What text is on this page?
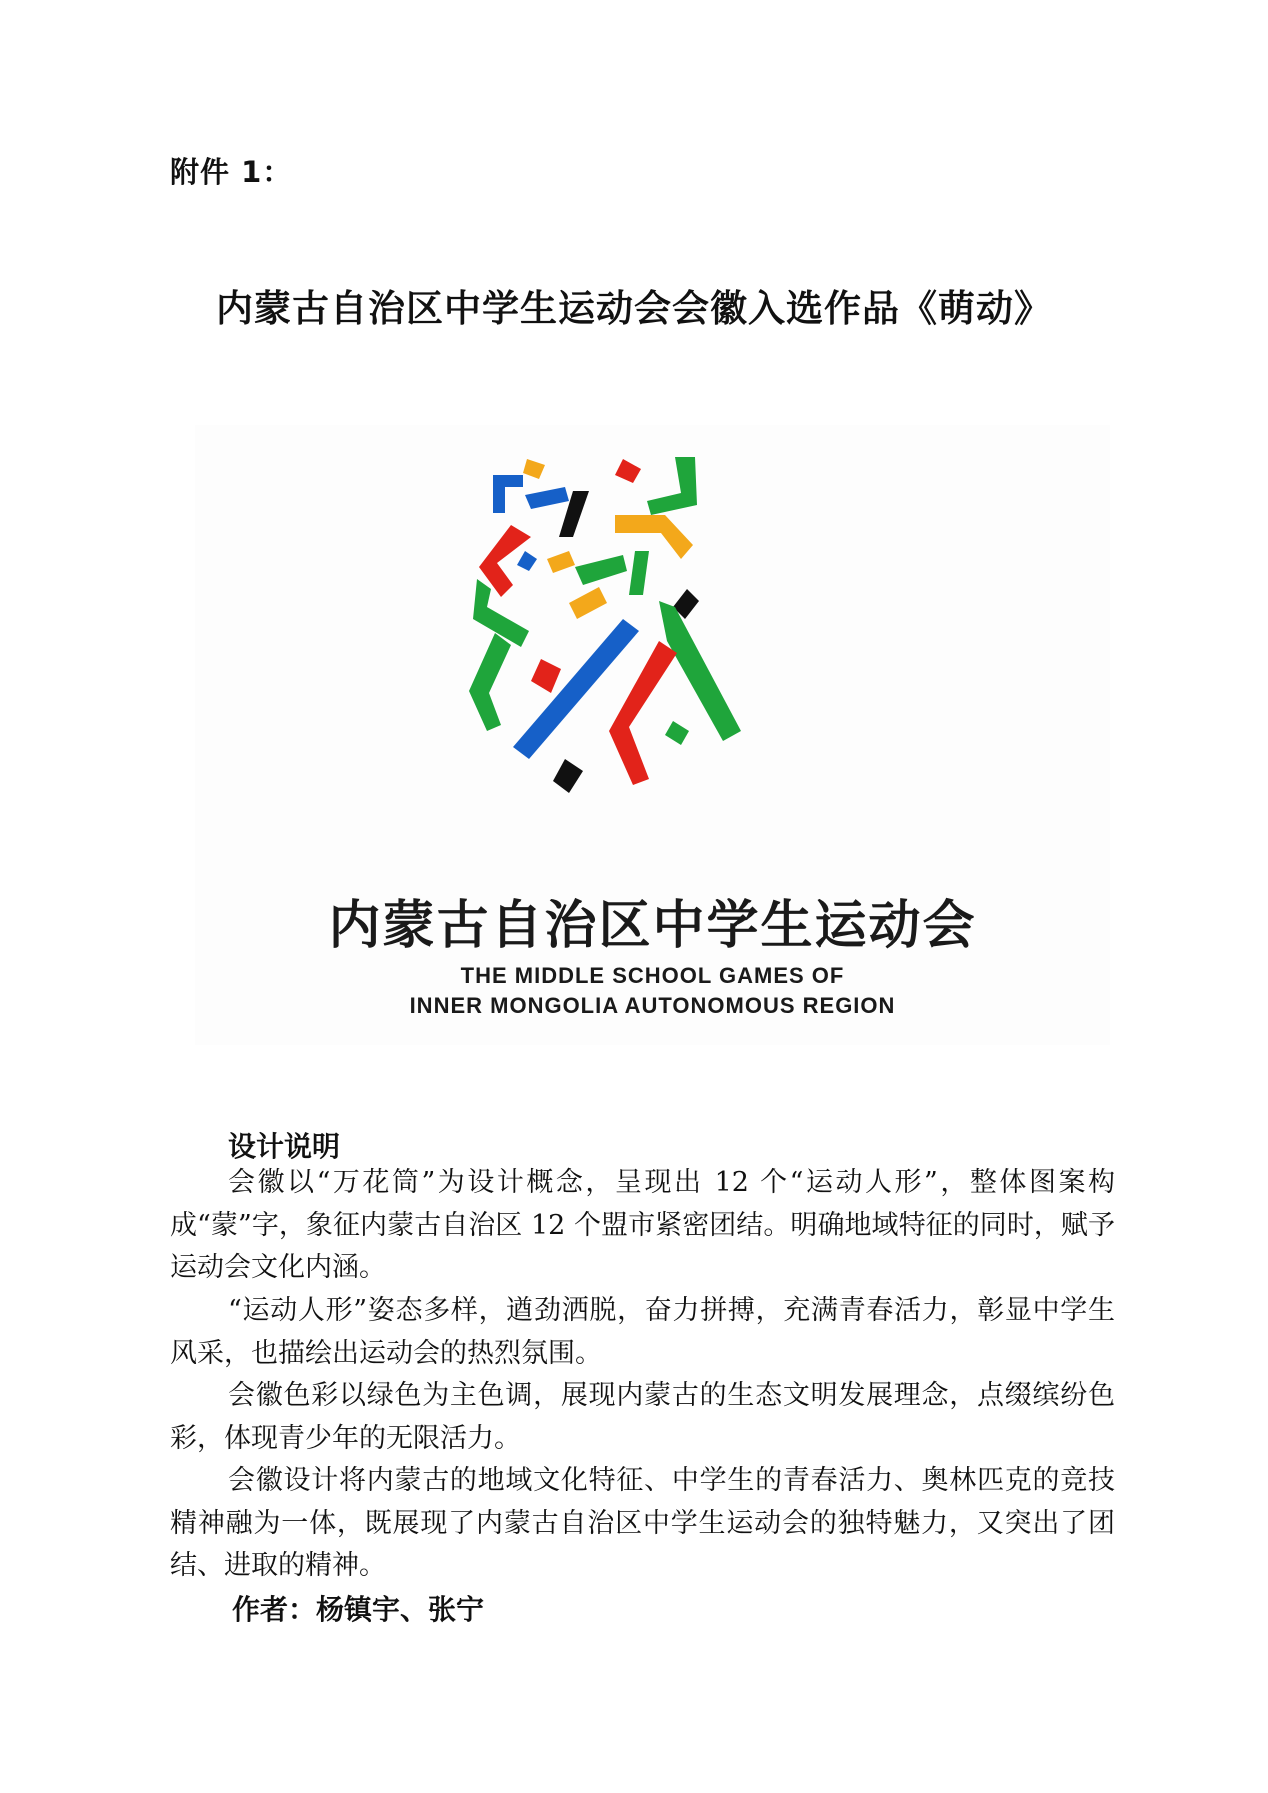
附件 1：
内蒙古自治区中学生运动会会徽入选作品《萌动》
内蒙古自治区中学生运动会
THE MIDDLE SCHOOL GAMES OF
INNER MONGOLIA AUTONOMOUS REGION
设计说明

会徽以“万花筒”为设计概念，呈现出 12 个“运动人形”，整体图案构成“蒙”字，象征内蒙古自治区 12 个盟市紧密团结。明确地域特征的同时，赋予运动会文化内涵。

“运动人形”姿态多样，遒劲洒脱，奋力拼搏，充满青春活力，彰显中学生风采，也描绘出运动会的热烈氛围。

会徽色彩以绿色为主色调，展现内蒙古的生态文明发展理念，点缀缤纷色彩，体现青少年的无限活力。

会徽设计将内蒙古的地域文化特征、中学生的青春活力、奥林匹克的竞技精神融为一体，既展现了内蒙古自治区中学生运动会的独特魅力，又突出了团结、进取的精神。

作者：杨镇宇、张宁
